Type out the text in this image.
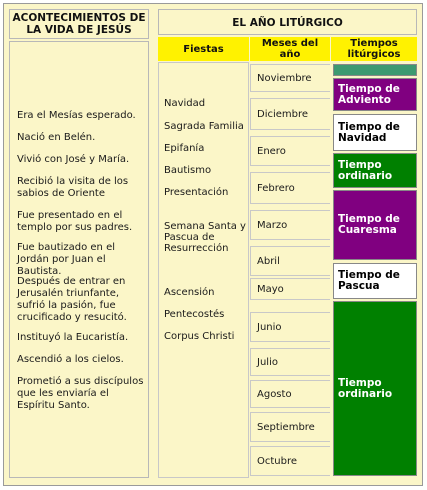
ACONTECIMIENTOS DE LA VIDA DE JESÚS
Era el Mesías esperado.
Nació en Belén.
Vivió con José y María.
Recibió la visita de los sabios de Oriente
Fue presentado en el templo por sus padres.
Fue bautizado en el Jordán por Juan el Bautista.
Después de entrar en Jerusalén triunfante, sufrió la pasión, fue crucificado y resucitó.
Instituyó la Eucaristía.
Ascendió a los cielos.
Prometió a sus discípulos que les enviaría el Espíritu Santo.
EL AÑO LITÚRGICO
Fiestas	Meses del año
Tiempos litúrgicos
Navidad
Sagrada Familia
Epifanía
Bautismo
Presentación
Semana Santa y Pascua de Resurrección
Ascensión
Pentecostés
Corpus Christi
Noviembre
Diciembre
Enero
Febrero
Marzo
Abril
Mayo
Junio
Julio
Agosto
Septiembre
Octubre
Tiempo de Adviento
Tiempo de Navidad
Tiempo ordinario
Tiempo de Cuaresma
Tiempo de Pascua
Tiempo ordinario
